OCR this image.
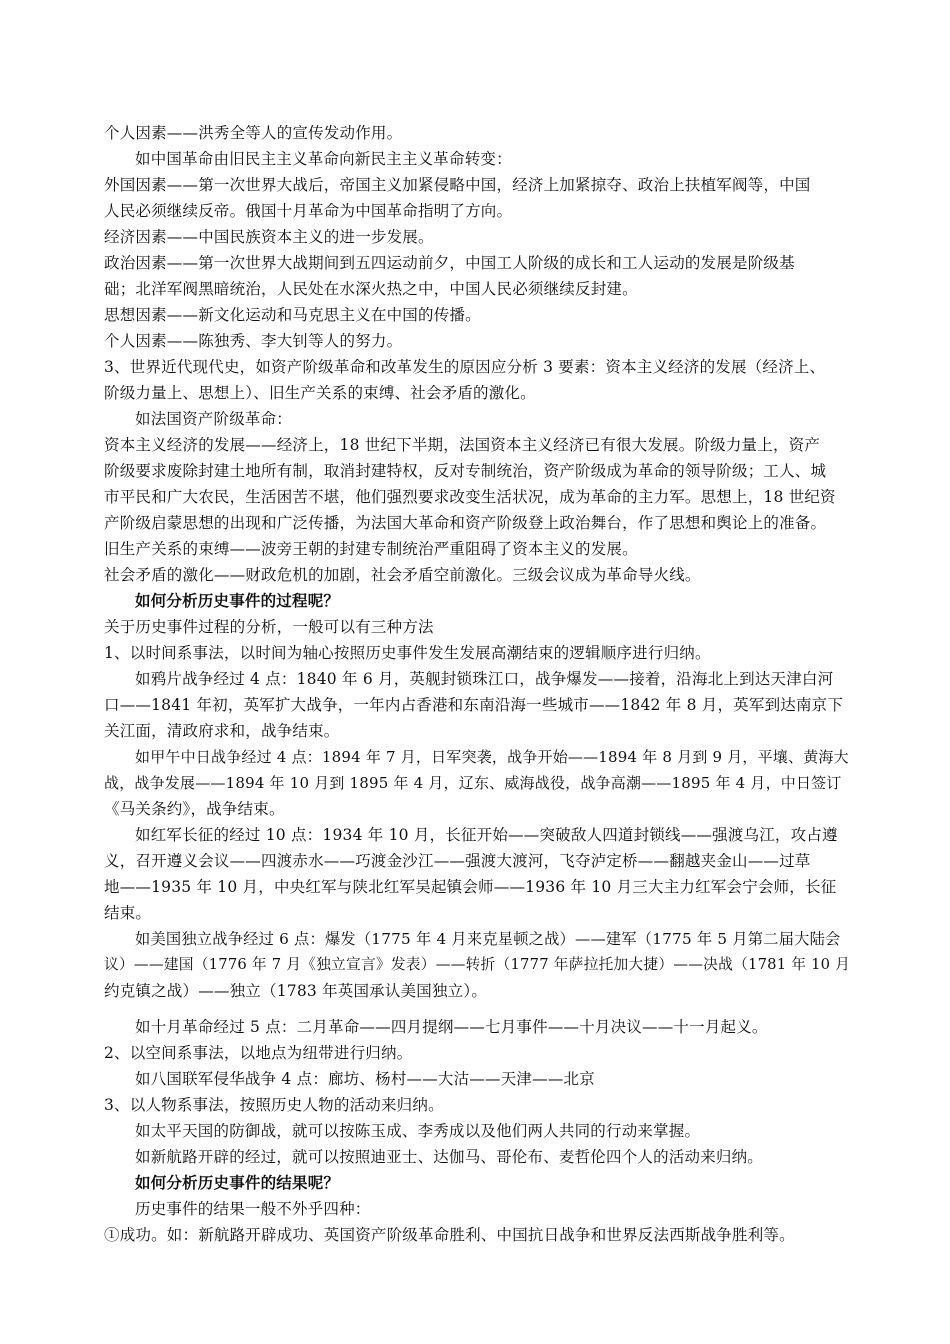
个人因素——洪秀全等人的宣传发动作用。
如中国革命由旧民主主义革命向新民主主义革命转变：
外国因素——第一次世界大战后，帝国主义加紧侵略中国，经济上加紧掠夺、政治上扶植军阀等，中国
人民必须继续反帝。俄国十月革命为中国革命指明了方向。
经济因素——中国民族资本主义的进一步发展。
政治因素——第一次世界大战期间到五四运动前夕，中国工人阶级的成长和工人运动的发展是阶级基
础；北洋军阀黑暗统治，人民处在水深火热之中，中国人民必须继续反封建。
思想因素——新文化运动和马克思主义在中国的传播。
个人因素——陈独秀、李大钊等人的努力。
3、世界近代现代史，如资产阶级革命和改革发生的原因应分析 3 要素：资本主义经济的发展（经济上、
阶级力量上、思想上）、旧生产关系的束缚、社会矛盾的激化。
如法国资产阶级革命：
资本主义经济的发展——经济上，18 世纪下半期，法国资本主义经济已有很大发展。阶级力量上，资产
阶级要求废除封建土地所有制，取消封建特权，反对专制统治，资产阶级成为革命的领导阶级；工人、城
市平民和广大农民，生活困苦不堪，他们强烈要求改变生活状况，成为革命的主力军。思想上，18 世纪资
产阶级启蒙思想的出现和广泛传播，为法国大革命和资产阶级登上政治舞台，作了思想和舆论上的准备。
旧生产关系的束缚——波旁王朝的封建专制统治严重阻碍了资本主义的发展。
社会矛盾的激化——财政危机的加剧，社会矛盾空前激化。三级会议成为革命导火线。
如何分析历史事件的过程呢？
关于历史事件过程的分析，一般可以有三种方法
1、以时间系事法，以时间为轴心按照历史事件发生发展高潮结束的逻辑顺序进行归纳。
如鸦片战争经过 4 点：1840 年 6 月，英舰封锁珠江口，战争爆发——接着，沿海北上到达天津白河
口——1841 年初，英军扩大战争，一年内占香港和东南沿海一些城市——1842 年 8 月，英军到达南京下
关江面，清政府求和，战争结束。
如甲午中日战争经过 4 点：1894 年 7 月，日军突袭，战争开始——1894 年 8 月到 9 月，平壤、黄海大
战，战争发展——1894 年 10 月到 1895 年 4 月，辽东、威海战役，战争高潮——1895 年 4 月，中日签订
《马关条约》，战争结束。
如红军长征的经过 10 点：1934 年 10 月，长征开始——突破敌人四道封锁线——强渡乌江，攻占遵
义，召开遵义会议——四渡赤水——巧渡金沙江——强渡大渡河，飞夺泸定桥——翻越夹金山——过草
地——1935 年 10 月，中央红军与陕北红军吴起镇会师——1936 年 10 月三大主力红军会宁会师，长征
结束。
如美国独立战争经过 6 点：爆发（1775 年 4 月来克星顿之战）——建军（1775 年 5 月第二届大陆会
议）——建国（1776 年 7 月《独立宣言》发表）——转折（1777 年萨拉托加大捷）——决战（1781 年 10 月
约克镇之战）——独立（1783 年英国承认美国独立）。
如十月革命经过 5 点：二月革命——四月提纲——七月事件——十月决议——十一月起义。
2、以空间系事法，以地点为纽带进行归纳。
如八国联军侵华战争 4 点：廊坊、杨村——大沽——天津——北京
3、以人物系事法，按照历史人物的活动来归纳。
如太平天国的防御战，就可以按陈玉成、李秀成以及他们两人共同的行动来掌握。
如新航路开辟的经过，就可以按照迪亚士、达伽马、哥伦布、麦哲伦四个人的活动来归纳。
如何分析历史事件的结果呢？
历史事件的结果一般不外乎四种：
①成功。如：新航路开辟成功、英国资产阶级革命胜利、中国抗日战争和世界反法西斯战争胜利等。
